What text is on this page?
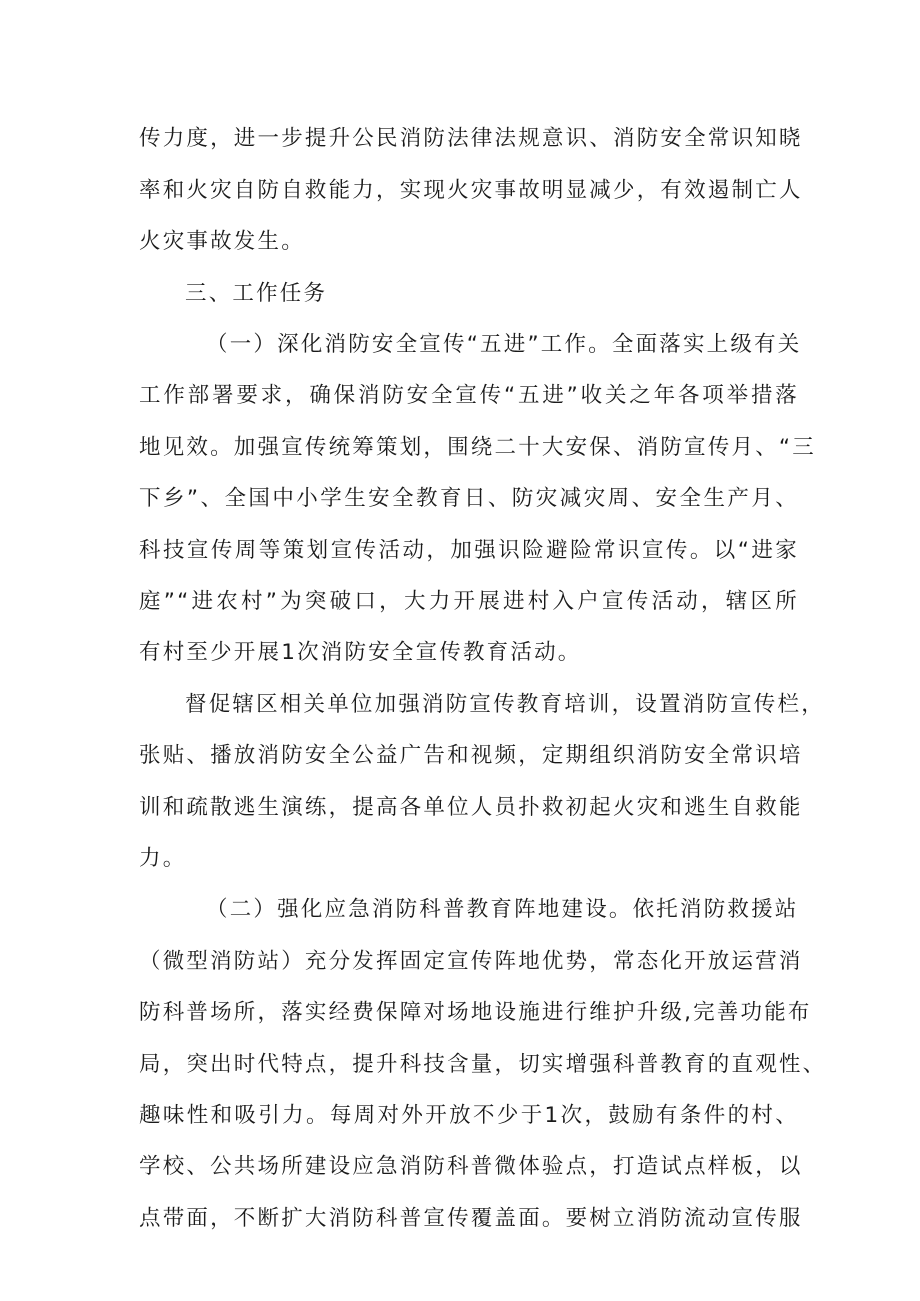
传力度，进一步提升公民消防法律法规意识、消防安全常识知晓
率和火灾自防自救能力，实现火灾事故明显减少，有效遏制亡人
火灾事故发生。
三、工作任务
（一）深化消防安全宣传“五进”工作。全面落实上级有关
工作部署要求，确保消防安全宣传“五进”收关之年各项举措落
地见效。加强宣传统筹策划，围绕二十大安保、消防宣传月、“三
下乡”、全国中小学生安全教育日、防灾减灾周、安全生产月、
科技宣传周等策划宣传活动，加强识险避险常识宣传。以“进家
庭”“进农村”为突破口，大力开展进村入户宣传活动，辖区所
有村至少开展1次消防安全宣传教育活动。
督促辖区相关单位加强消防宣传教育培训，设置消防宣传栏，
张贴、播放消防安全公益广告和视频，定期组织消防安全常识培
训和疏散逃生演练，提高各单位人员扑救初起火灾和逃生自救能
力。
（二）强化应急消防科普教育阵地建设。依托消防救援站
（微型消防站）充分发挥固定宣传阵地优势，常态化开放运营消
防科普场所，落实经费保障对场地设施进行维护升级,完善功能布
局，突出时代特点，提升科技含量，切实增强科普教育的直观性、
趣味性和吸引力。每周对外开放不少于1次，鼓励有条件的村、
学校、公共场所建设应急消防科普微体验点，打造试点样板，以
点带面，不断扩大消防科普宣传覆盖面。要树立消防流动宣传服
